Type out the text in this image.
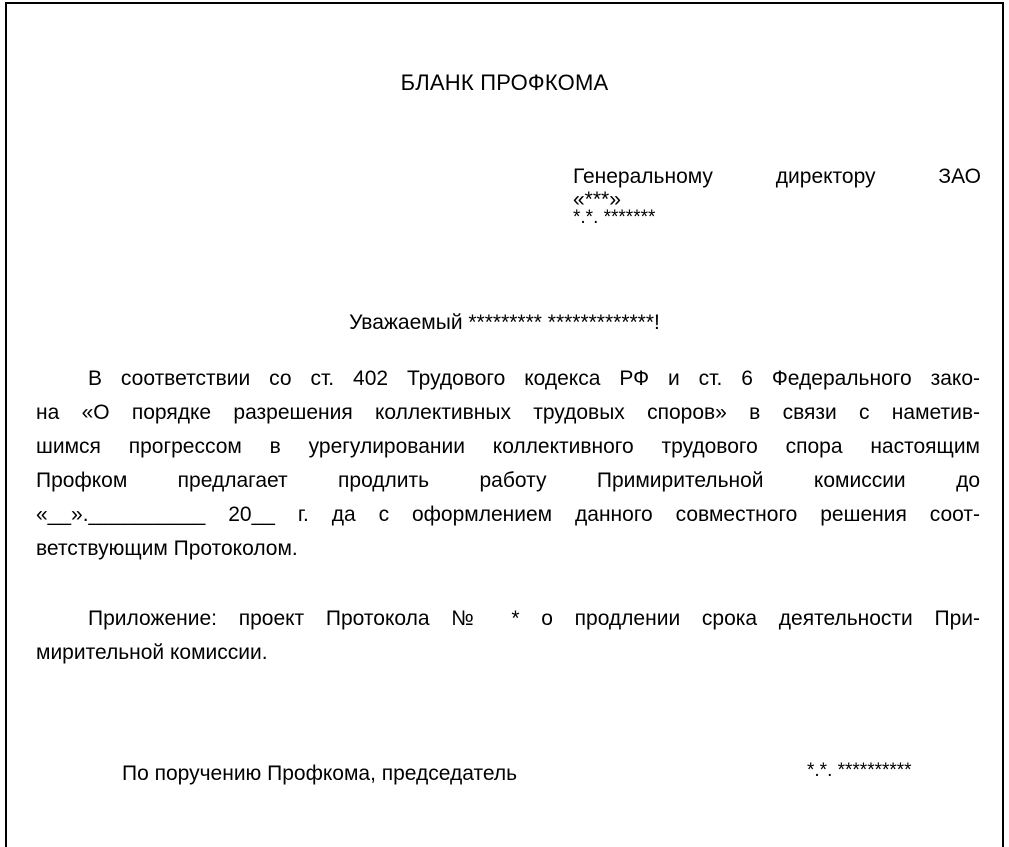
БЛАНК ПРОФКОМА
Генеральному	директору	ЗАО
«***»
*.*. *******
Уважаемый ********* *************!
В соответствии со ст. 402 Трудового кодекса РФ и ст. 6 Федерального зако-
на «О порядке разрешения коллективных трудовых споров» в связи с наметив-
шимся прогрессом в урегулировании коллективного трудового спора настоящим
Профком предлагает продлить работу Примирительной комиссии до
«__».__________ 20__ г. да с оформлением данного совместного решения соот-
ветствующим Протоколом.
Приложение: проект Протокола № * о продлении срока деятельности При-
мирительной комиссии.
По поручению Профкома, председатель	*.*. **********
